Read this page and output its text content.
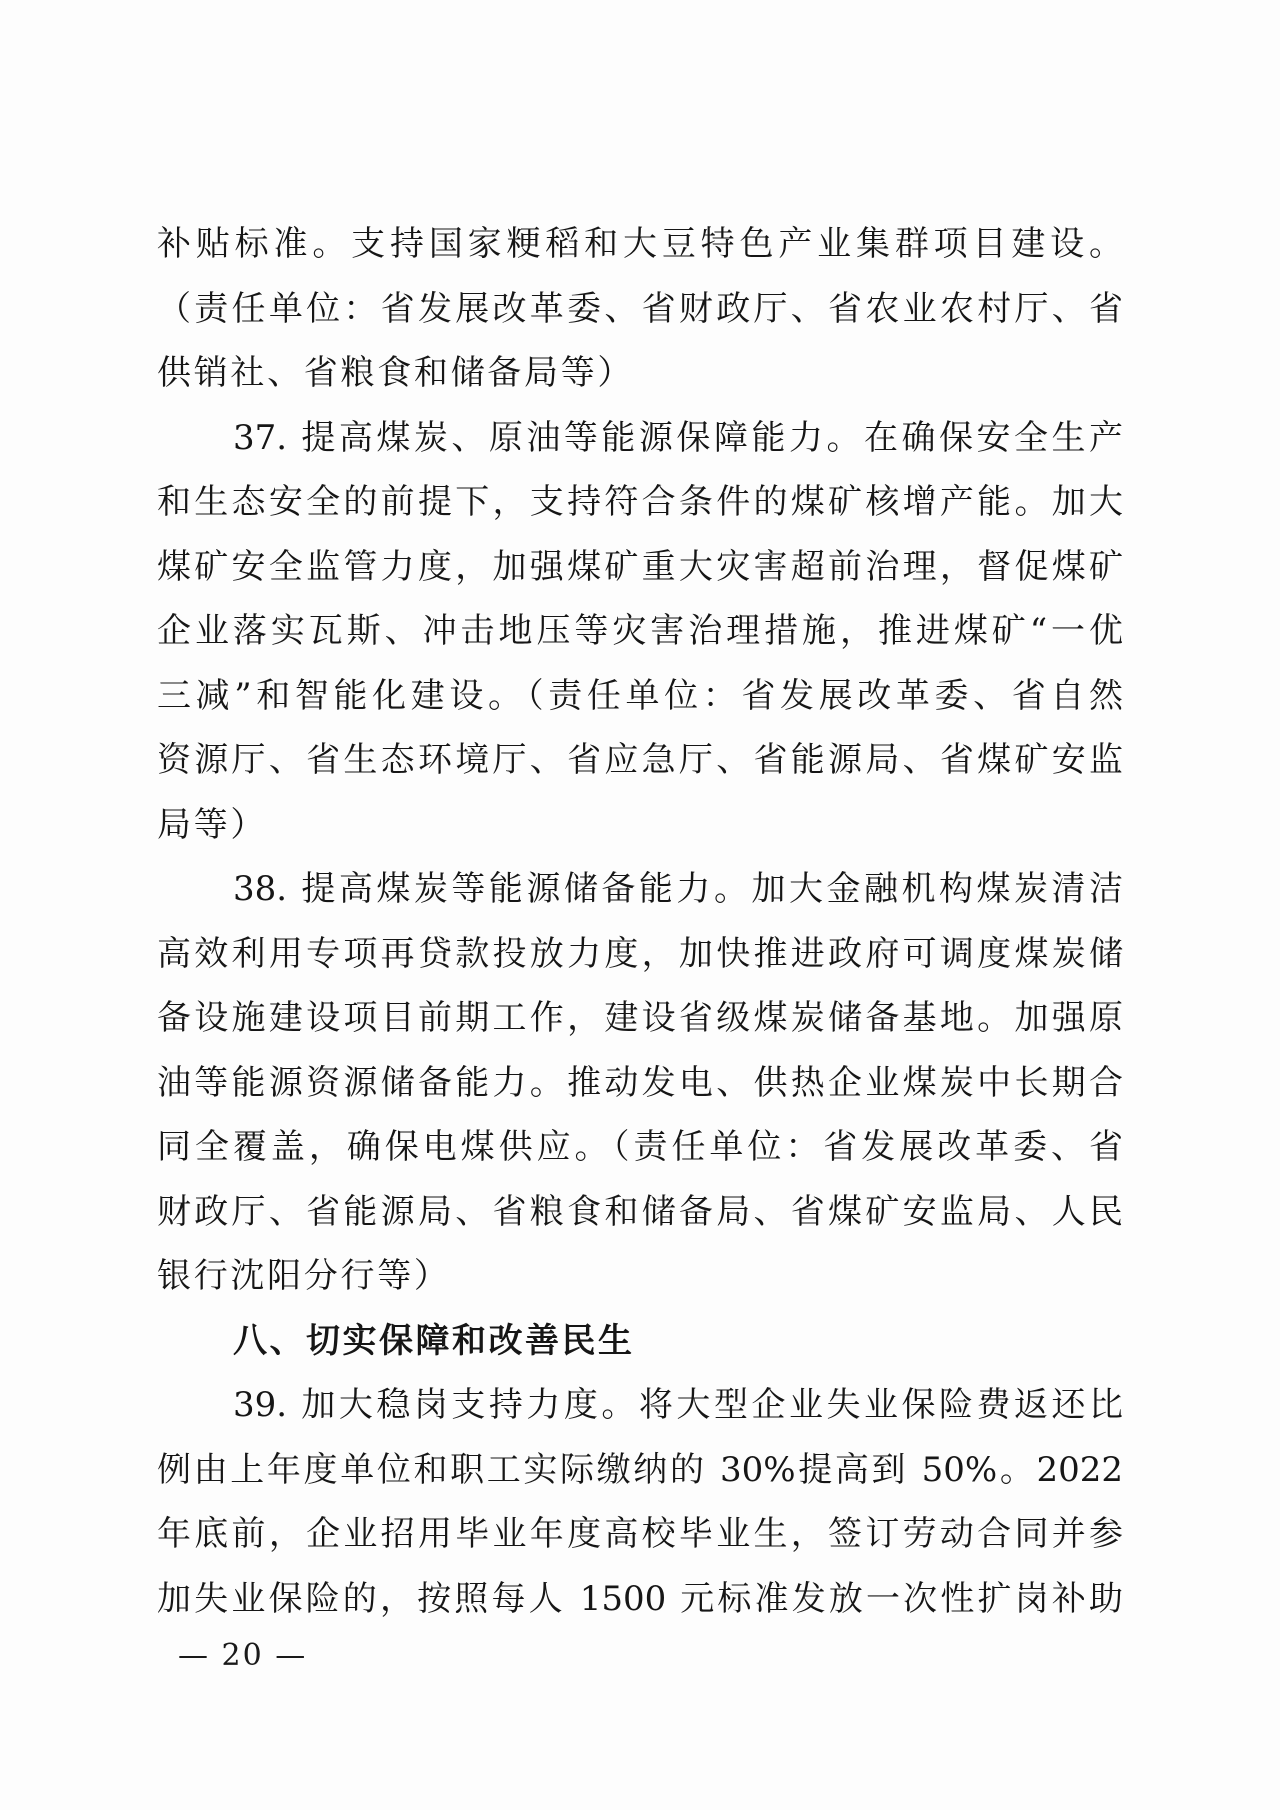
补贴标准。支持国家粳稻和大豆特色产业集群项目建设。
（责任单位：省发展改革委、省财政厅、省农业农村厅、省
供销社、省粮食和储备局等）
37. 提高煤炭、原油等能源保障能力。在确保安全生产
和生态安全的前提下，支持符合条件的煤矿核增产能。加大
煤矿安全监管力度，加强煤矿重大灾害超前治理，督促煤矿
企业落实瓦斯、冲击地压等灾害治理措施，推进煤矿“一优
三减”和智能化建设。（责任单位：省发展改革委、省自然
资源厅、省生态环境厅、省应急厅、省能源局、省煤矿安监
局等）
38. 提高煤炭等能源储备能力。加大金融机构煤炭清洁
高效利用专项再贷款投放力度，加快推进政府可调度煤炭储
备设施建设项目前期工作，建设省级煤炭储备基地。加强原
油等能源资源储备能力。推动发电、供热企业煤炭中长期合
同全覆盖，确保电煤供应。（责任单位：省发展改革委、省
财政厅、省能源局、省粮食和储备局、省煤矿安监局、人民
银行沈阳分行等）
八、切实保障和改善民生
39. 加大稳岗支持力度。将大型企业失业保险费返还比
例由上年度单位和职工实际缴纳的 30%提高到 50%。2022
年底前，企业招用毕业年度高校毕业生，签订劳动合同并参
加失业保险的，按照每人 1500 元标准发放一次性扩岗补助
— 20 —
